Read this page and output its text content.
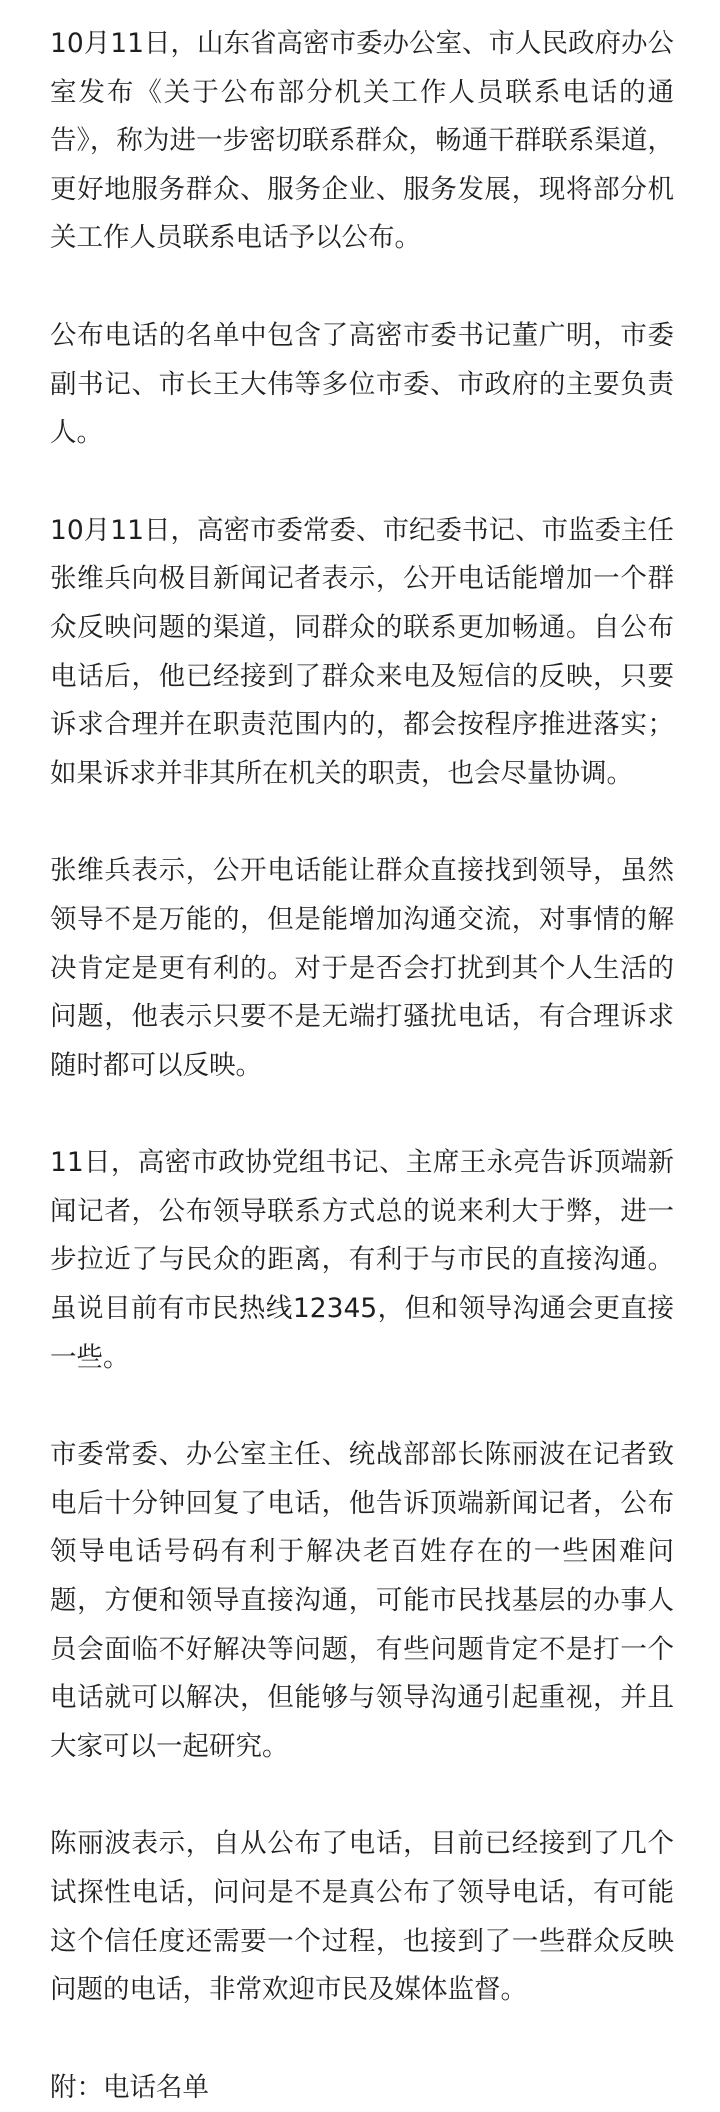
10月11日，山东省高密市委办公室、市人民政府办公室发布《关于公布部分机关工作人员联系电话的通告》，称为进一步密切联系群众，畅通干群联系渠道，更好地服务群众、服务企业、服务发展，现将部分机关工作人员联系电话予以公布。

公布电话的名单中包含了高密市委书记董广明，市委副书记、市长王大伟等多位市委、市政府的主要负责人。

10月11日，高密市委常委、市纪委书记、市监委主任张维兵向极目新闻记者表示，公开电话能增加一个群众反映问题的渠道，同群众的联系更加畅通。自公布电话后，他已经接到了群众来电及短信的反映，只要诉求合理并在职责范围内的，都会按程序推进落实；如果诉求并非其所在机关的职责，也会尽量协调。

张维兵表示，公开电话能让群众直接找到领导，虽然领导不是万能的，但是能增加沟通交流，对事情的解决肯定是更有利的。对于是否会打扰到其个人生活的问题，他表示只要不是无端打骚扰电话，有合理诉求随时都可以反映。

11日，高密市政协党组书记、主席王永亮告诉顶端新闻记者，公布领导联系方式总的说来利大于弊，进一步拉近了与民众的距离，有利于与市民的直接沟通。虽说目前有市民热线12345，但和领导沟通会更直接一些。

市委常委、办公室主任、统战部部长陈丽波在记者致电后十分钟回复了电话，他告诉顶端新闻记者，公布领导电话号码有利于解决老百姓存在的一些困难问题，方便和领导直接沟通，可能市民找基层的办事人员会面临不好解决等问题，有些问题肯定不是打一个电话就可以解决，但能够与领导沟通引起重视，并且大家可以一起研究。

陈丽波表示，自从公布了电话，目前已经接到了几个试探性电话，问问是不是真公布了领导电话，有可能这个信任度还需要一个过程，也接到了一些群众反映问题的电话，非常欢迎市民及媒体监督。

附：电话名单
